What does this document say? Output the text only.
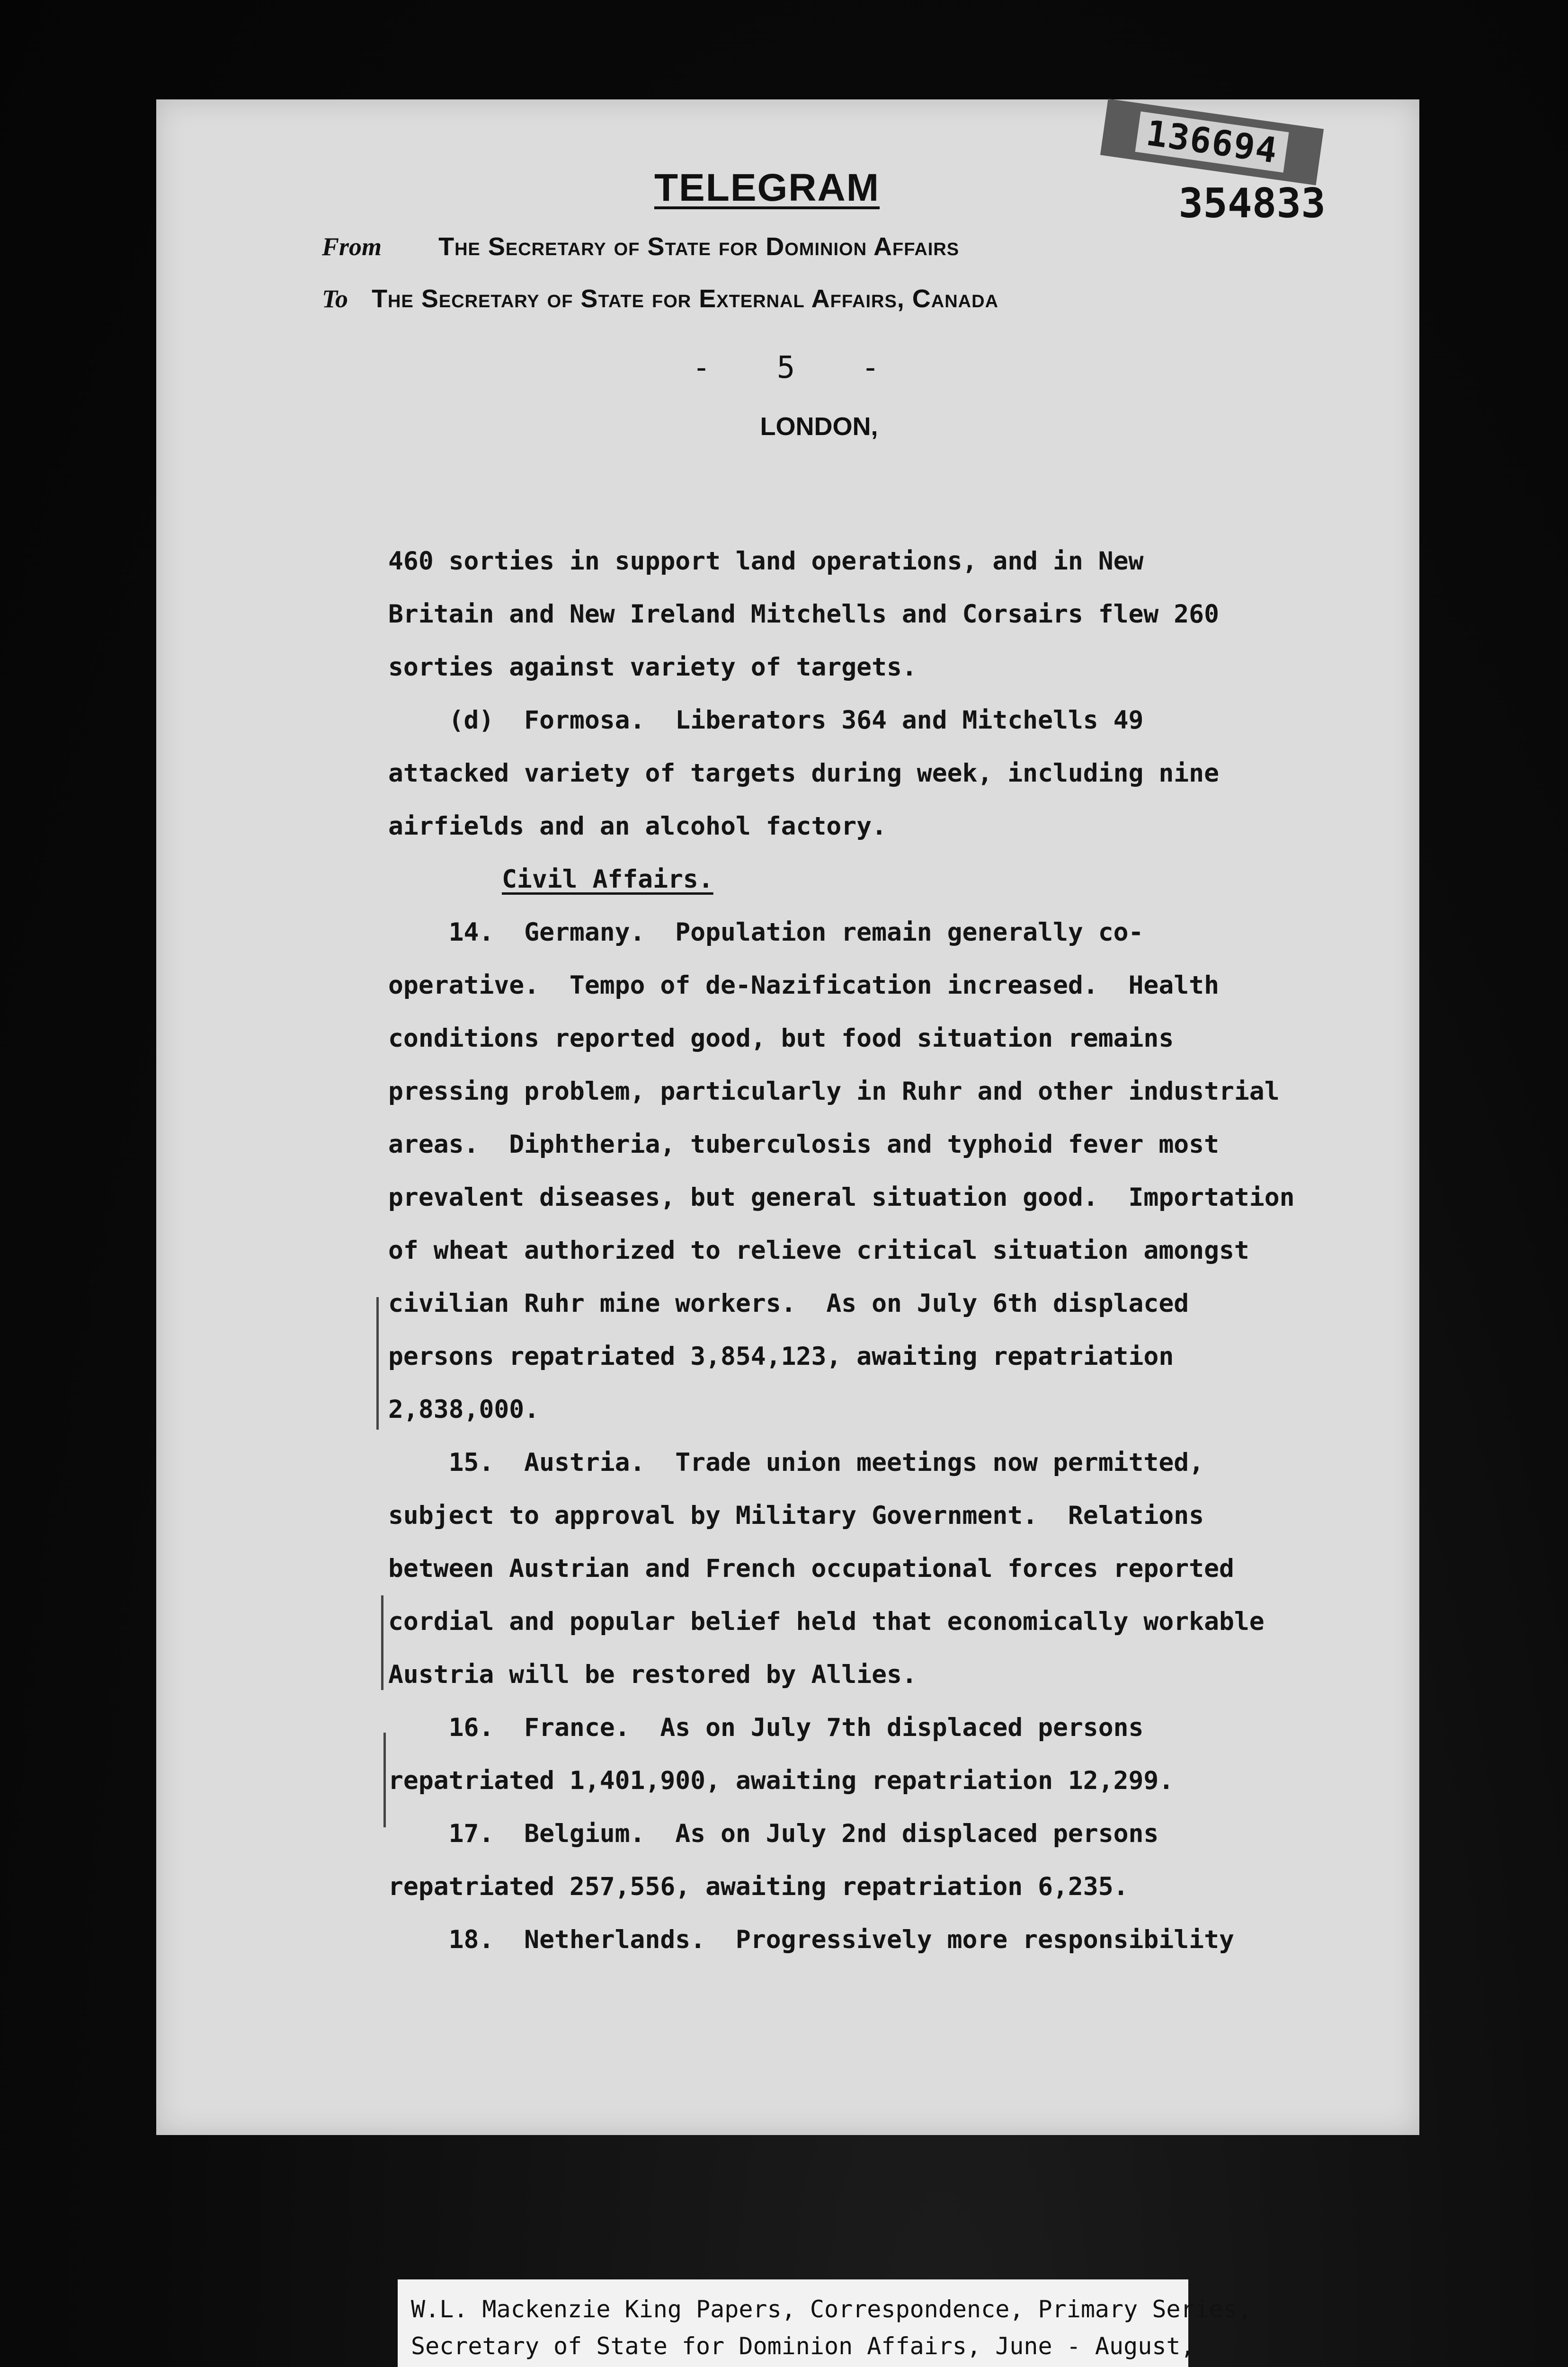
136694
354833
TELEGRAM
From The Secretary of State for Dominion Affairs
To The Secretary of State for External Affairs, Canada
- 5 -
LONDON,
460 sorties in support land operations, and in New
Britain and New Ireland Mitchells and Corsairs flew 260
sorties against variety of targets.
(d)  Formosa.  Liberators 364 and Mitchells 49
attacked variety of targets during week, including nine
airfields and an alcohol factory.
Civil Affairs.
14.  Germany.  Population remain generally co-
operative.  Tempo of de-Nazification increased.  Health
conditions reported good, but food situation remains
pressing problem, particularly in Ruhr and other industrial
areas.  Diphtheria, tuberculosis and typhoid fever most
prevalent diseases, but general situation good.  Importation
of wheat authorized to relieve critical situation amongst
civilian Ruhr mine workers.  As on July 6th displaced
persons repatriated 3,854,123, awaiting repatriation
2,838,000.
15.  Austria.  Trade union meetings now permitted,
subject to approval by Military Government.  Relations
between Austrian and French occupational forces reported
cordial and popular belief held that economically workable
Austria will be restored by Allies.
16.  France.  As on July 7th displaced persons
repatriated 1,401,900, awaiting repatriation 12,299.
17.  Belgium.  As on July 2nd displaced persons
repatriated 257,556, awaiting repatriation 6,235.
18.  Netherlands.  Progressively more responsibility
W.L. Mackenzie King Papers, Correspondence, Primary Series,
Secretary of State for Dominion Affairs, June - August,
